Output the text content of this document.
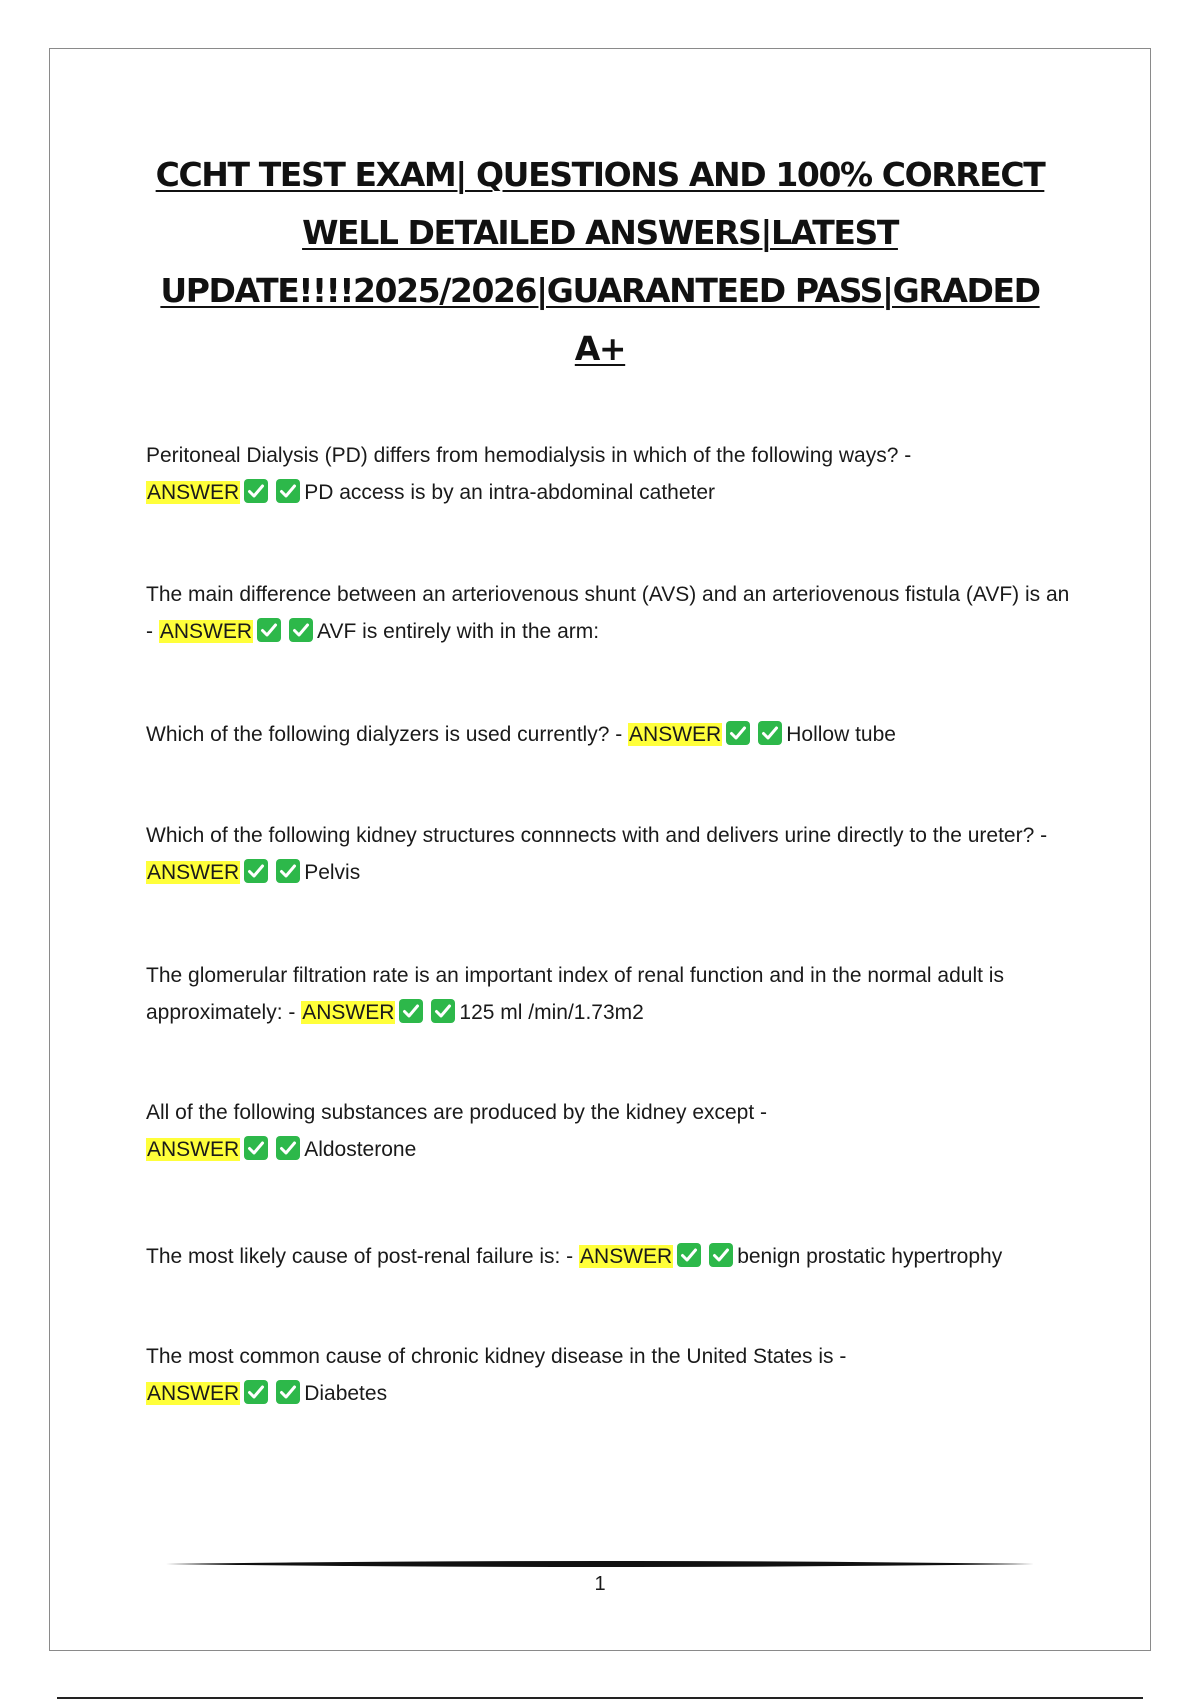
CCHT TEST EXAM| QUESTIONS AND 100% CORRECT
WELL DETAILED ANSWERS|LATEST
UPDATE!!!!2025/2026|GUARANTEED PASS|GRADED
A+

Peritoneal Dialysis (PD) differs from hemodialysis in which of the following ways? -
ANSWER	PD access is by an intra-abdominal catheter

The main difference between an arteriovenous shunt (AVS) and an arteriovenous fistula (AVF) is an - ANSWER	AVF is entirely with in the arm:

Which of the following dialyzers is used currently? - ANSWER	Hollow tube

Which of the following kidney structures connnects with and delivers urine directly to the ureter? - ANSWER	Pelvis

The glomerular filtration rate is an important index of renal function and in the normal adult is approximately: - ANSWER	125 ml /min/1.73m2

All of the following substances are produced by the kidney except -
ANSWER	Aldosterone

The most likely cause of post-renal failure is: - ANSWER	benign prostatic hypertrophy

The most common cause of chronic kidney disease in the United States is -
ANSWER	Diabetes

1
